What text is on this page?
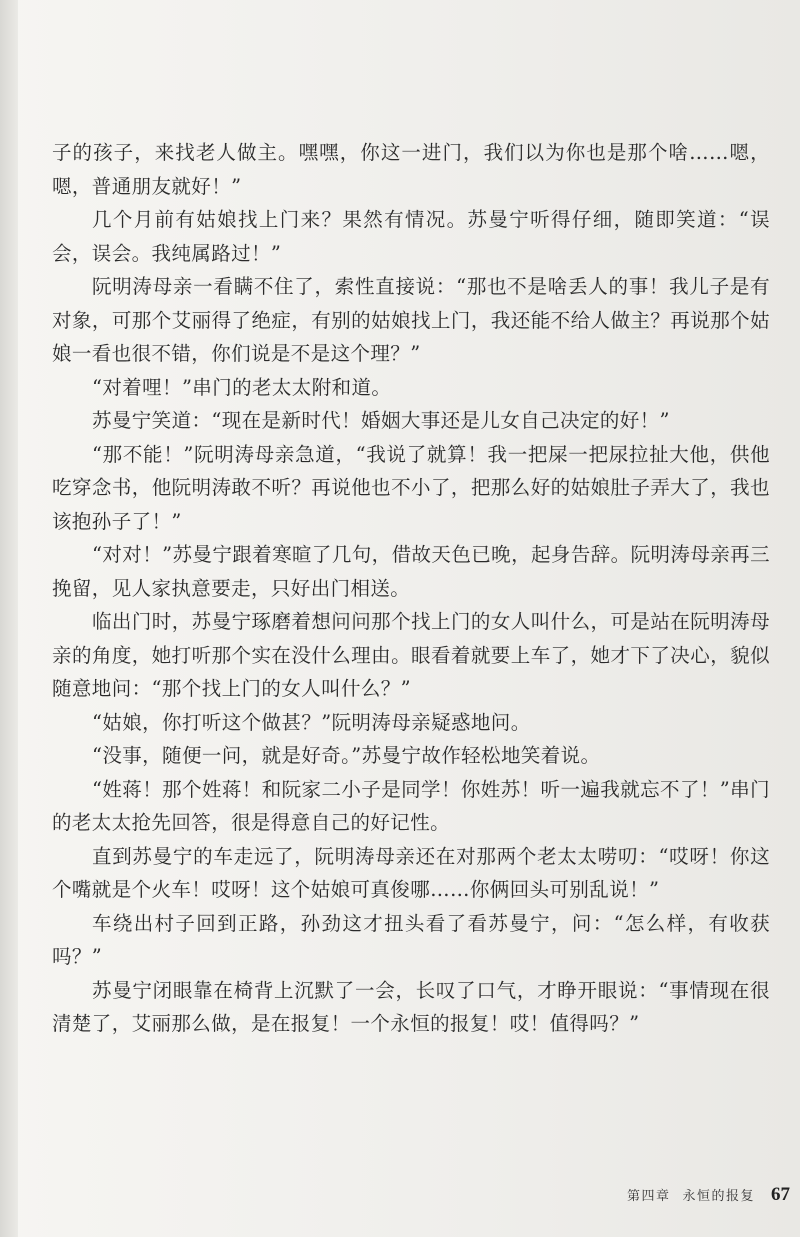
子的孩子，来找老人做主。嘿嘿，你这一进门，我们以为你也是那个啥……嗯，嗯，普通朋友就好！”

几个月前有姑娘找上门来？果然有情况。苏曼宁听得仔细，随即笑道：“误会，误会。我纯属路过！”

阮明涛母亲一看瞒不住了，索性直接说：“那也不是啥丢人的事！我儿子是有对象，可那个艾丽得了绝症，有别的姑娘找上门，我还能不给人做主？再说那个姑娘一看也很不错，你们说是不是这个理？”

“对着哩！”串门的老太太附和道。

苏曼宁笑道：“现在是新时代！婚姻大事还是儿女自己决定的好！”

“那不能！”阮明涛母亲急道，“我说了就算！我一把屎一把尿拉扯大他，供他吃穿念书，他阮明涛敢不听？再说他也不小了，把那么好的姑娘肚子弄大了，我也该抱孙子了！”

“对对！”苏曼宁跟着寒暄了几句，借故天色已晚，起身告辞。阮明涛母亲再三挽留，见人家执意要走，只好出门相送。

临出门时，苏曼宁琢磨着想问问那个找上门的女人叫什么，可是站在阮明涛母亲的角度，她打听那个实在没什么理由。眼看着就要上车了，她才下了决心，貌似随意地问：“那个找上门的女人叫什么？”

“姑娘，你打听这个做甚？”阮明涛母亲疑惑地问。

“没事，随便一问，就是好奇。”苏曼宁故作轻松地笑着说。

“姓蒋！那个姓蒋！和阮家二小子是同学！你姓苏！听一遍我就忘不了！”串门的老太太抢先回答，很是得意自己的好记性。

直到苏曼宁的车走远了，阮明涛母亲还在对那两个老太太唠叨：“哎呀！你这个嘴就是个火车！哎呀！这个姑娘可真俊哪……你俩回头可别乱说！”

车绕出村子回到正路，孙劲这才扭头看了看苏曼宁，问：“怎么样，有收获吗？”

苏曼宁闭眼靠在椅背上沉默了一会，长叹了口气，才睁开眼说：“事情现在很清楚了，艾丽那么做，是在报复！一个永恒的报复！哎！值得吗？”

第四章 永恒的报复 67
